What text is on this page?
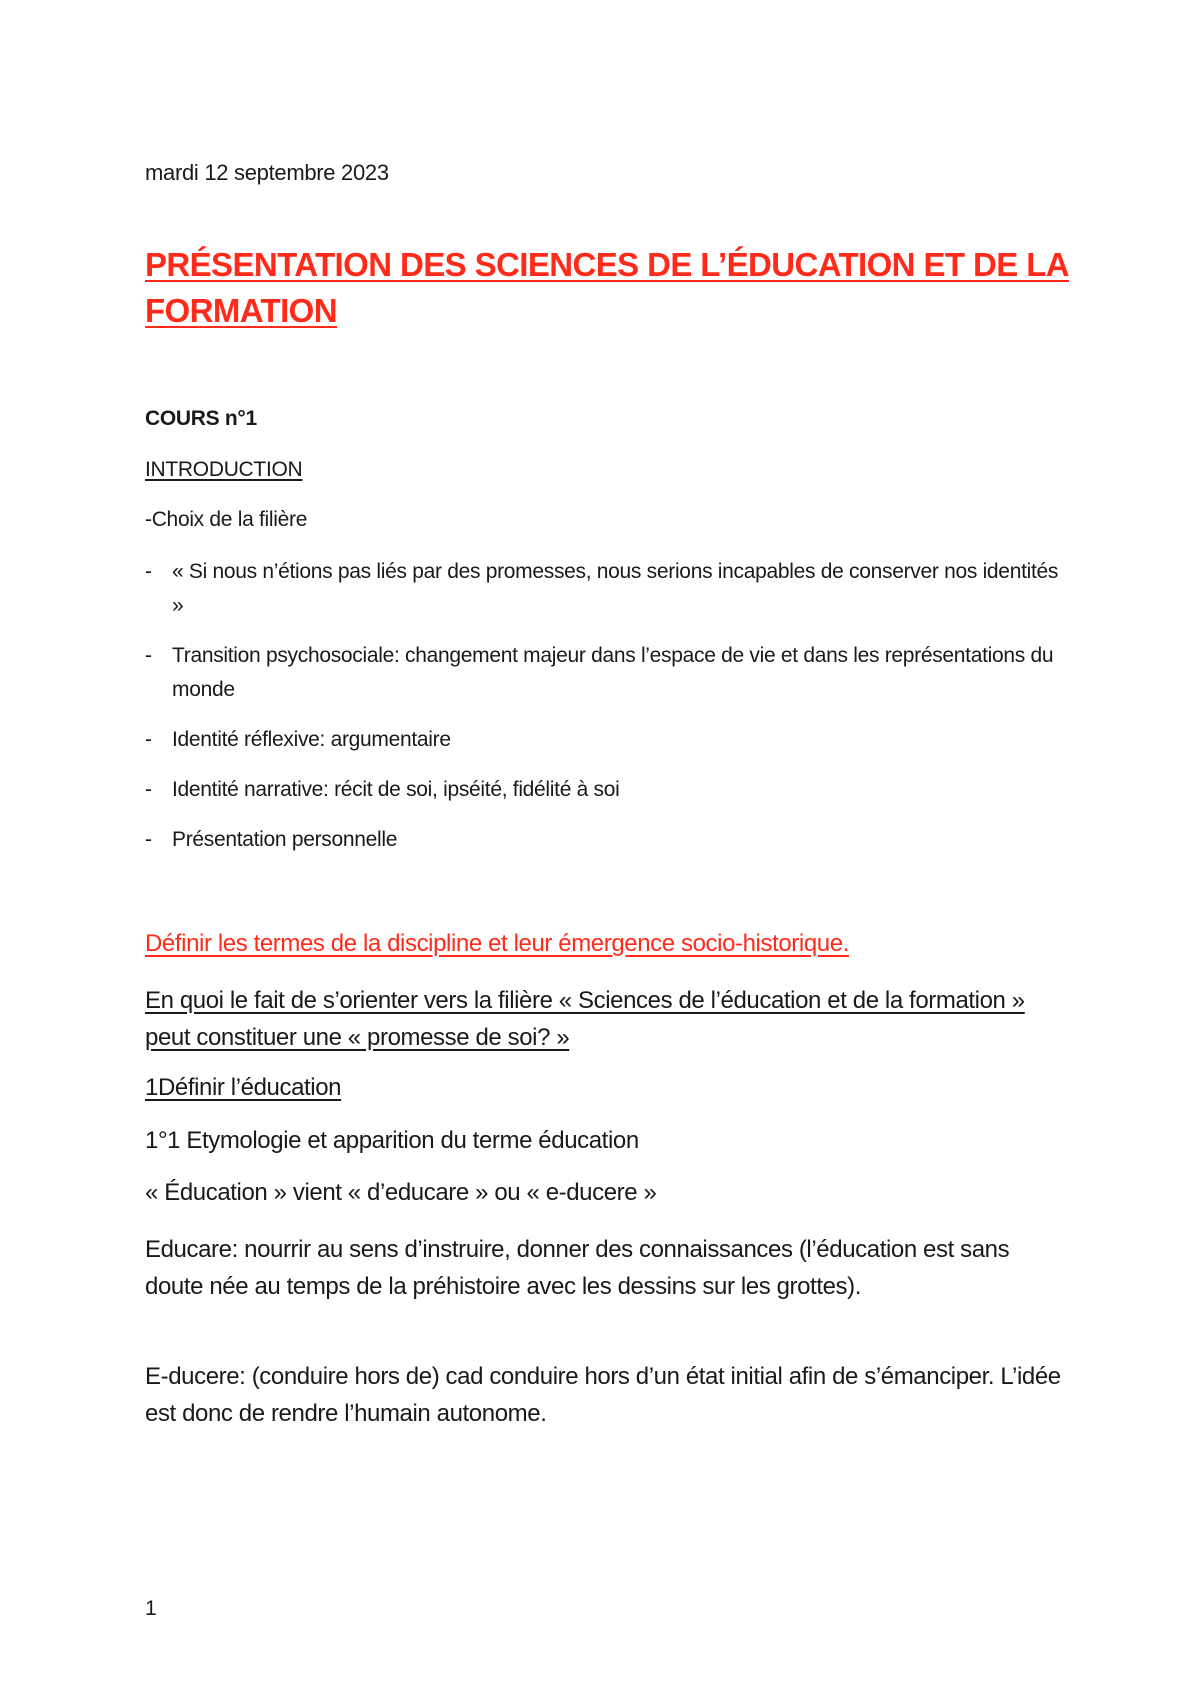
mardi 12 septembre 2023

PRÉSENTATION DES SCIENCES DE L’ÉDUCATION ET DE LA FORMATION

COURS n°1

INTRODUCTION

-Choix de la filière

- « Si nous n’étions pas liés par des promesses, nous serions incapables de conserver nos identités »
- Transition psychosociale: changement majeur dans l’espace de vie et dans les représentations du monde
- Identité réflexive: argumentaire
- Identité narrative: récit de soi, ipséité, fidélité à soi
- Présentation personnelle

Définir les termes de la discipline et leur émergence socio-historique.

En quoi le fait de s’orienter vers la filière « Sciences de l’éducation et de la formation » peut constituer une « promesse de soi? »

1Définir l’éducation

1°1 Etymologie et apparition du terme éducation

« Éducation » vient « d’educare » ou « e-ducere »

Educare: nourrir au sens d’instruire, donner des connaissances (l’éducation est sans doute née au temps de la préhistoire avec les dessins sur les grottes).

E-ducere: (conduire hors de) cad conduire hors d’un état initial afin de s’émanciper. L’idée est donc de rendre l’humain autonome.

1
